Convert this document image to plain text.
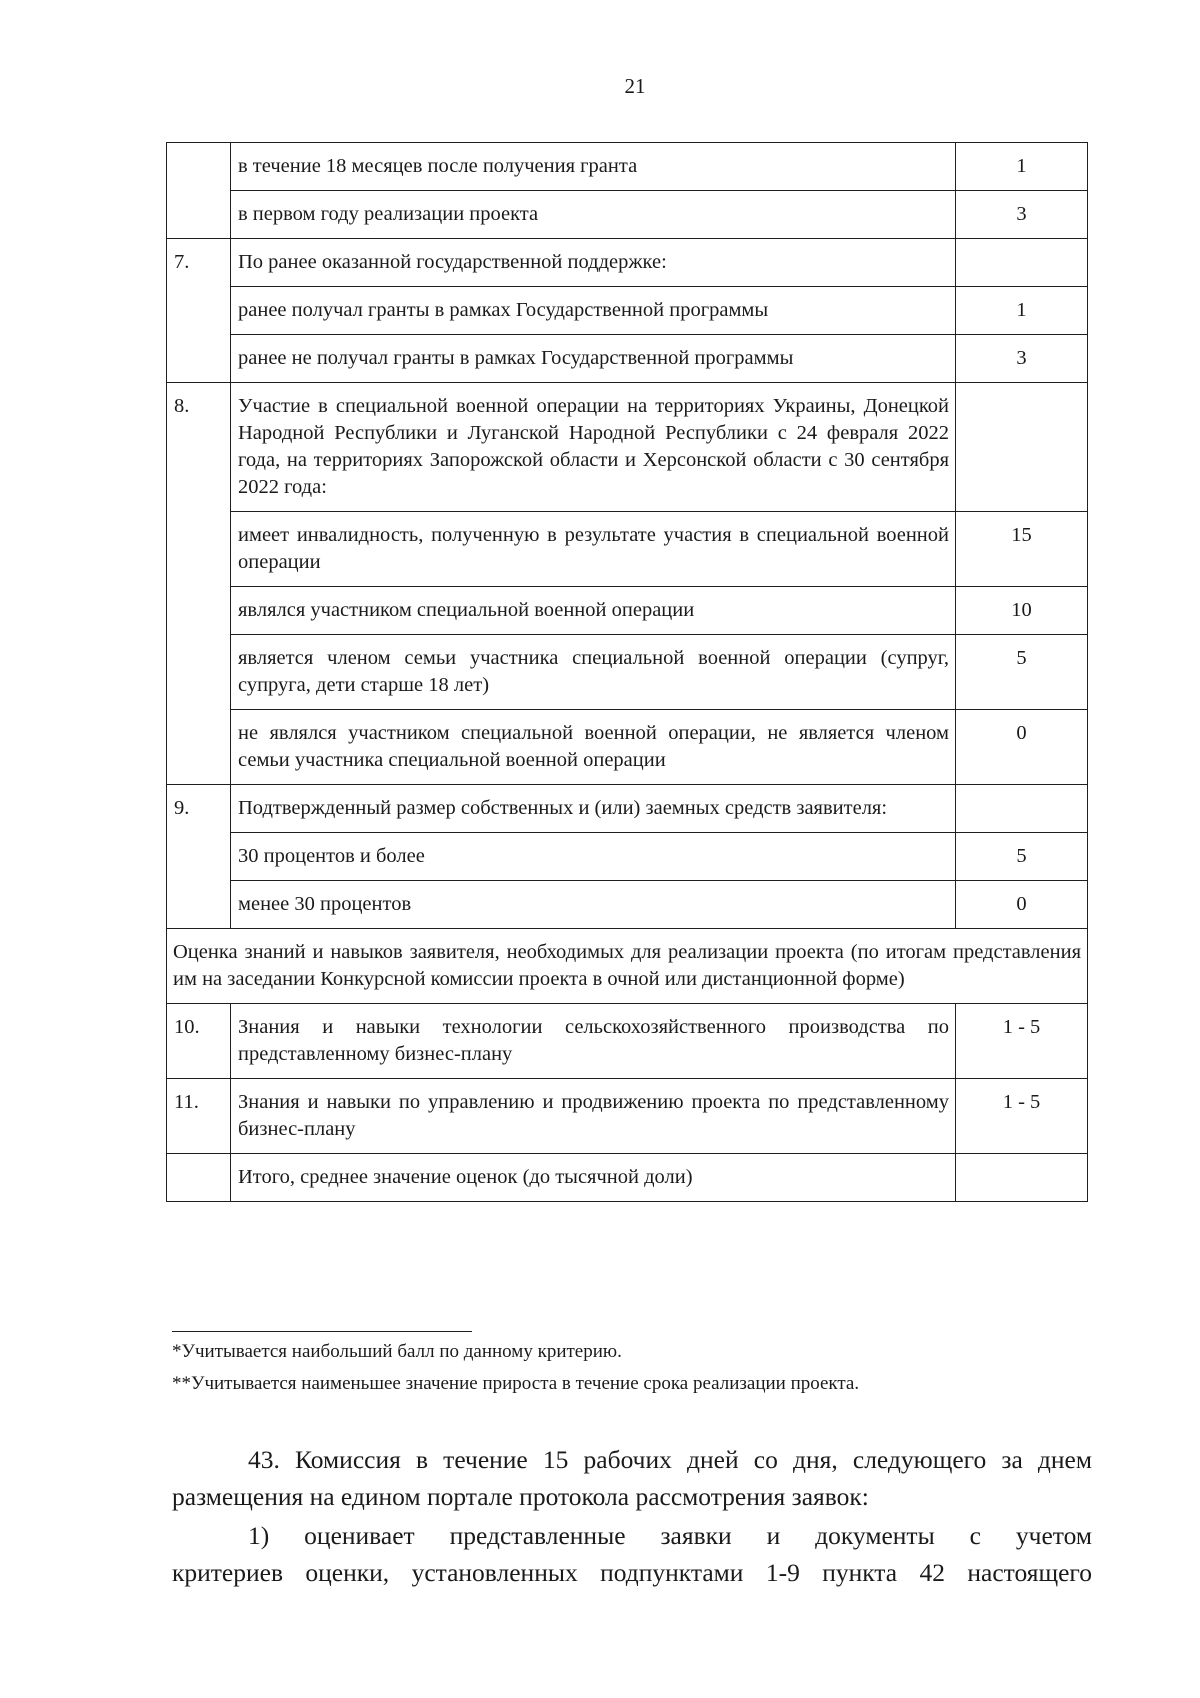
21
	в течение 18 месяцев после получения гранта	1
	в первом году реализации проекта	3
7.	По ранее оказанной государственной поддержке:	
	ранее получал гранты в рамках Государственной программы	1
	ранее не получал гранты в рамках Государственной программы	3
8.	Участие в специальной военной операции на территориях Украины, Донецкой Народной Республики и Луганской Народной Республики с 24 февраля 2022 года, на территориях Запорожской области и Херсонской области с 30 сентября 2022 года:	
	имеет инвалидность, полученную в результате участия в специальной военной операции	15
	являлся участником специальной военной операции	10
	является членом семьи участника специальной военной операции (супруг, супруга, дети старше 18 лет)	5
	не являлся участником специальной военной операции, не является членом семьи участника специальной военной операции	0
9.	Подтвержденный размер собственных и (или) заемных средств заявителя:	
	30 процентов и более	5
	менее 30 процентов	0
Оценка знаний и навыков заявителя, необходимых для реализации проекта (по итогам представления им на заседании Конкурсной комиссии проекта в очной или дистанционной форме)		
10.	Знания и навыки технологии сельскохозяйственного производства по представленному бизнес-плану	1 - 5
11.	Знания и навыки по управлению и продвижению проекта по представленному бизнес-плану	1 - 5
	Итого, среднее значение оценок (до тысячной доли)	
*Учитывается наибольший балл по данному критерию.
**Учитывается наименьшее значение прироста в течение срока реализации проекта.
43. Комиссия в течение 15 рабочих дней со дня, следующего за днем размещения на едином портале протокола рассмотрения заявок:
1) оценивает представленные заявки и документы с учетом
критериев оценки, установленных подпунктами 1-9 пункта 42 настоящего
